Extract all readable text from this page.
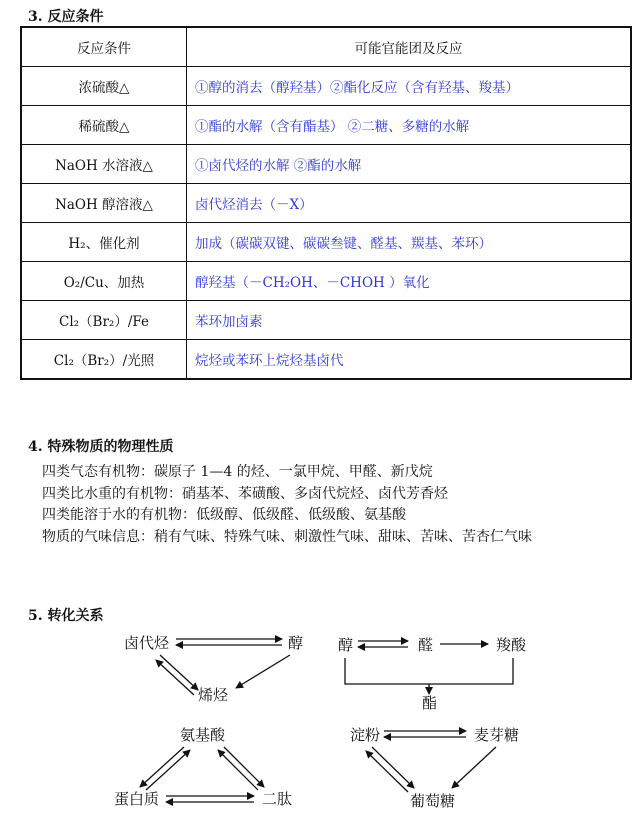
3. 反应条件
反应条件	可能官能团及反应
浓硫酸△	①醇的消去（醇羟基）②酯化反应（含有羟基、羧基）
稀硫酸△	①酯的水解（含有酯基） ②二糖、多糖的水解
NaOH 水溶液△	①卤代烃的水解 ②酯的水解
NaOH 醇溶液△	卤代烃消去（－X）
H₂、催化剂	加成（碳碳双键、碳碳叁键、醛基、羰基、苯环）
O₂/Cu、加热	醇羟基（－CH₂OH、－CHOH ）氧化
Cl₂（Br₂）/Fe	苯环加卤素
Cl₂（Br₂）/光照	烷烃或苯环上烷烃基卤代
4. 特殊物质的物理性质
四类气态有机物：碳原子 1—4 的烃、一氯甲烷、甲醛、新戊烷
四类比水重的有机物：硝基苯、苯磺酸、多卤代烷烃、卤代芳香烃
四类能溶于水的有机物：低级醇、低级醛、低级酸、氨基酸
物质的气味信息：稍有气味、特殊气味、刺激性气味、甜味、苦味、苦杏仁气味
5. 转化关系
卤代烃	醇
烯烃
醇	醛	羧酸
酯
氨基酸
蛋白质	二肽
淀粉	麦芽糖
葡萄糖
